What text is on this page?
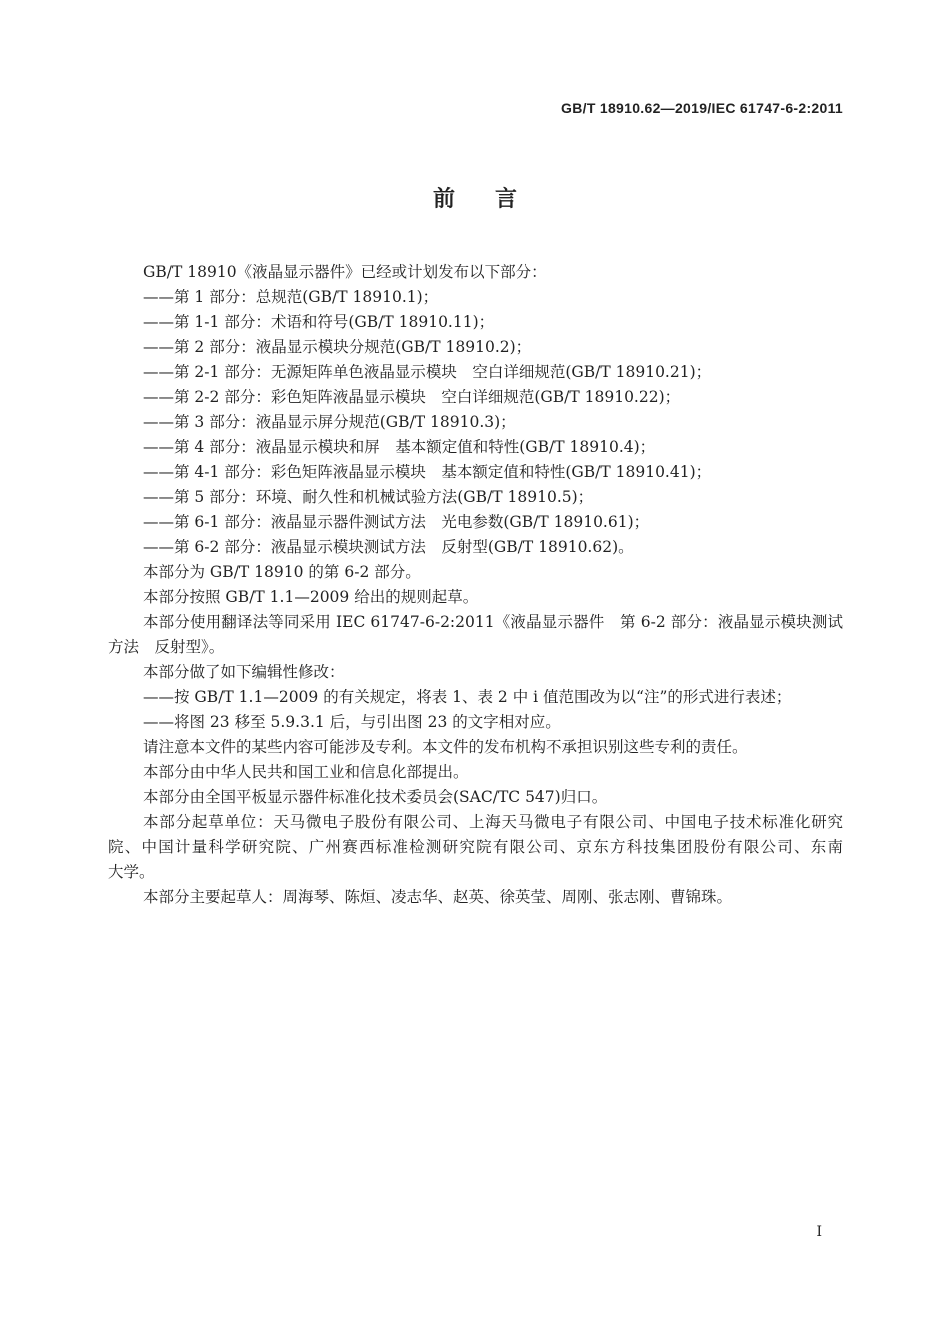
GB/T 18910.62—2019/IEC 61747-6-2:2011
前言
GB/T 18910《液晶显示器件》已经或计划发布以下部分：
——第 1 部分：总规范(GB/T 18910.1)；
——第 1-1 部分：术语和符号(GB/T 18910.11)；
——第 2 部分：液晶显示模块分规范(GB/T 18910.2)；
——第 2-1 部分：无源矩阵单色液晶显示模块　空白详细规范(GB/T 18910.21)；
——第 2-2 部分：彩色矩阵液晶显示模块　空白详细规范(GB/T 18910.22)；
——第 3 部分：液晶显示屏分规范(GB/T 18910.3)；
——第 4 部分：液晶显示模块和屏　基本额定值和特性(GB/T 18910.4)；
——第 4-1 部分：彩色矩阵液晶显示模块　基本额定值和特性(GB/T 18910.41)；
——第 5 部分：环境、耐久性和机械试验方法(GB/T 18910.5)；
——第 6-1 部分：液晶显示器件测试方法　光电参数(GB/T 18910.61)；
——第 6-2 部分：液晶显示模块测试方法　反射型(GB/T 18910.62)。
本部分为 GB/T 18910 的第 6-2 部分。
本部分按照 GB/T 1.1—2009 给出的规则起草。
本部分使用翻译法等同采用 IEC 61747-6-2:2011《液晶显示器件　第 6-2 部分：液晶显示模块测试
方法　反射型》。
本部分做了如下编辑性修改：
——按 GB/T 1.1—2009 的有关规定，将表 1、表 2 中 i 值范围改为以“注”的形式进行表述；
——将图 23 移至 5.9.3.1 后，与引出图 23 的文字相对应。
请注意本文件的某些内容可能涉及专利。本文件的发布机构不承担识别这些专利的责任。
本部分由中华人民共和国工业和信息化部提出。
本部分由全国平板显示器件标准化技术委员会(SAC/TC 547)归口。
本部分起草单位：天马微电子股份有限公司、上海天马微电子有限公司、中国电子技术标准化研究
院、中国计量科学研究院、广州赛西标准检测研究院有限公司、京东方科技集团股份有限公司、东南
大学。
本部分主要起草人：周海琴、陈烜、凌志华、赵英、徐英莹、周刚、张志刚、曹锦珠。
I
